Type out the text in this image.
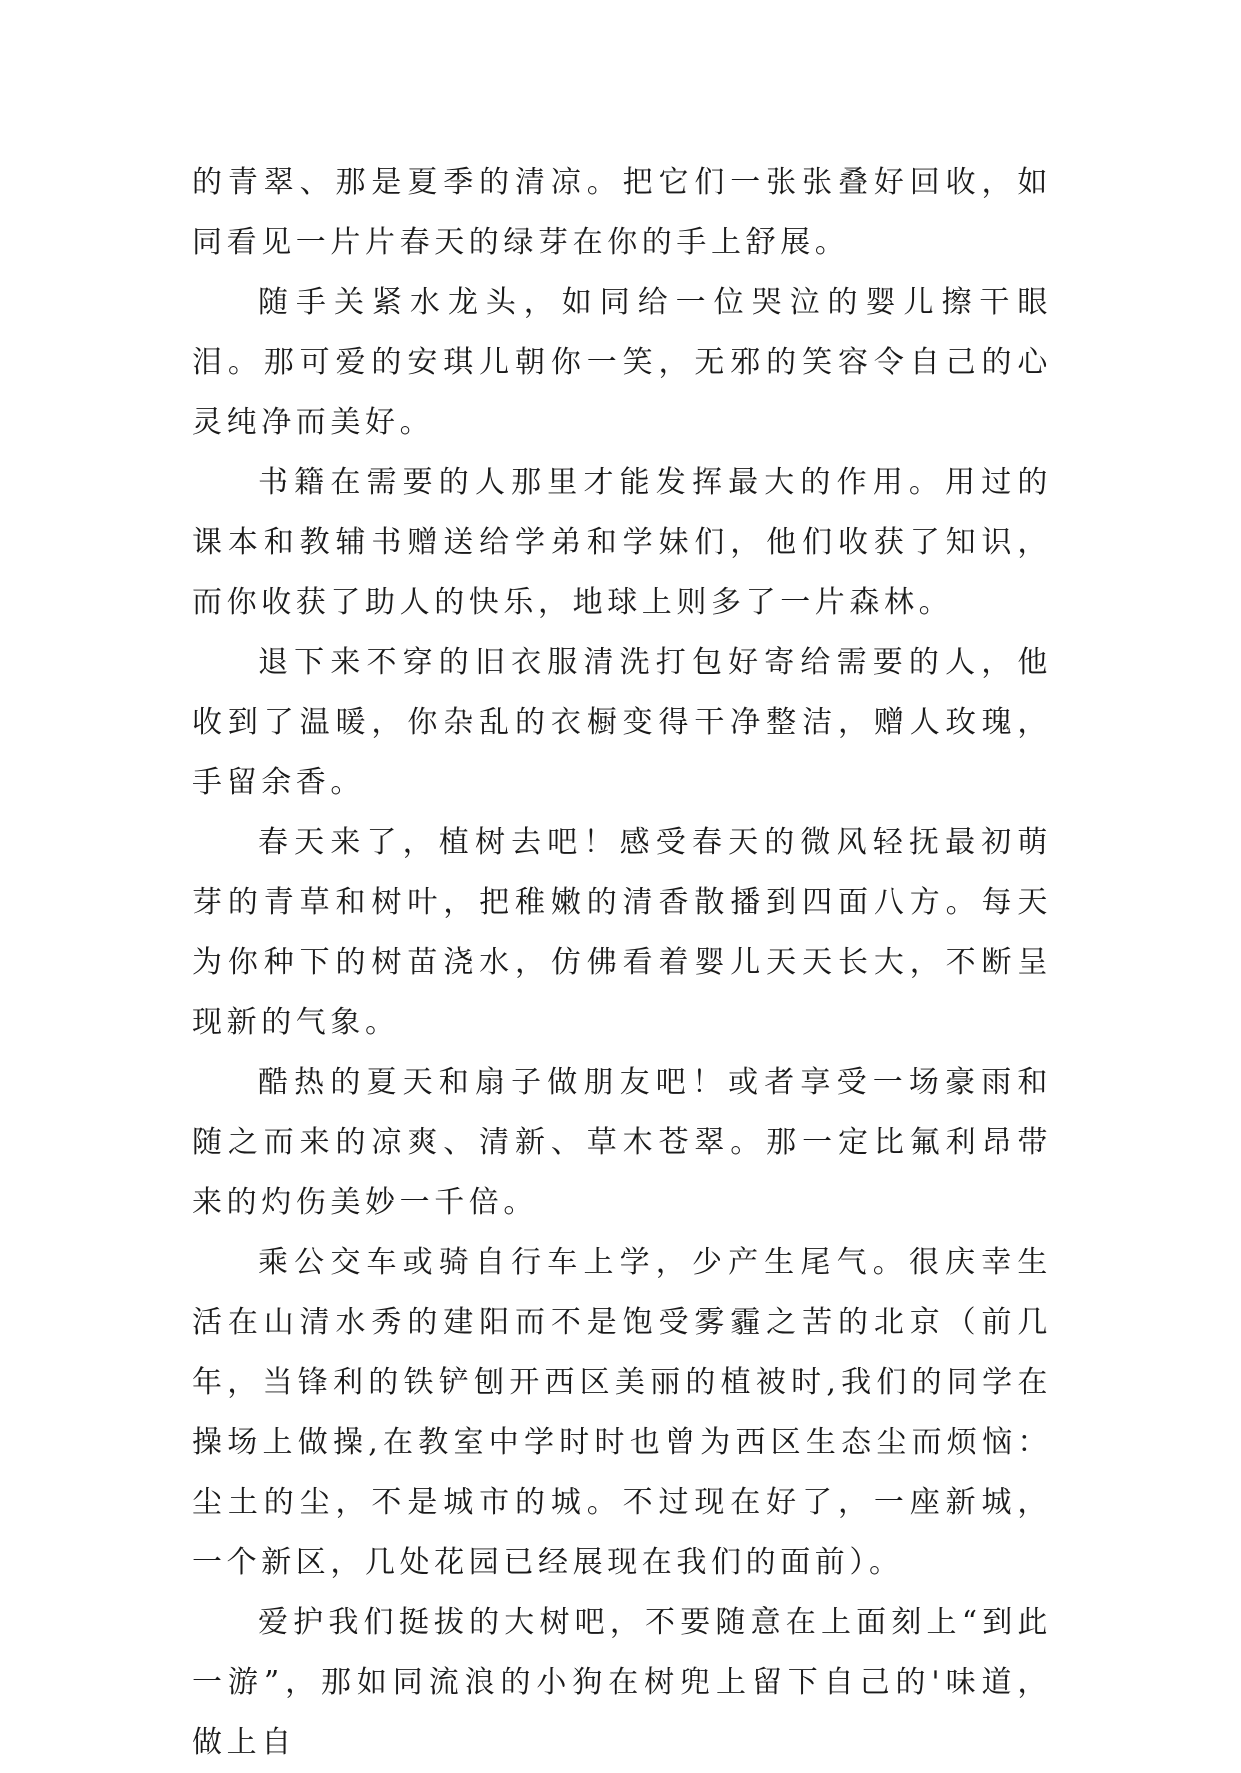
的青翠、那是夏季的清凉。把它们一张张叠好回收，如同看见一片片春天的绿芽在你的手上舒展。

随手关紧水龙头，如同给一位哭泣的婴儿擦干眼泪。那可爱的安琪儿朝你一笑，无邪的笑容令自己的心灵纯净而美好。

书籍在需要的人那里才能发挥最大的作用。用过的课本和教辅书赠送给学弟和学妹们，他们收获了知识，而你收获了助人的快乐，地球上则多了一片森林。

退下来不穿的旧衣服清洗打包好寄给需要的人，他收到了温暖，你杂乱的衣橱变得干净整洁，赠人玫瑰，手留余香。

春天来了，植树去吧！感受春天的微风轻抚最初萌芽的青草和树叶，把稚嫩的清香散播到四面八方。每天为你种下的树苗浇水，仿佛看着婴儿天天长大，不断呈现新的气象。

酷热的夏天和扇子做朋友吧！或者享受一场豪雨和随之而来的凉爽、清新、草木苍翠。那一定比氟利昂带来的灼伤美妙一千倍。

乘公交车或骑自行车上学，少产生尾气。很庆幸生活在山清水秀的建阳而不是饱受雾霾之苦的北京（前几年，当锋利的铁铲刨开西区美丽的植被时,我们的同学在操场上做操,在教室中学时时也曾为西区生态尘而烦恼：尘土的尘，不是城市的城。不过现在好了，一座新城，一个新区，几处花园已经展现在我们的面前）。

爱护我们挺拔的大树吧，不要随意在上面刻上“到此一游”，那如同流浪的小狗在树兜上留下自己的'味道，做上自
